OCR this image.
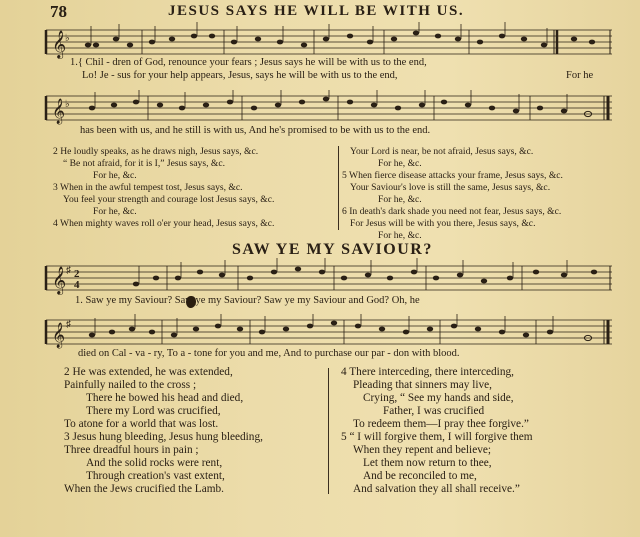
78	JESUS SAYS HE WILL BE WITH US.
𝄞
♭
1.{ Chil - dren of God, renounce your fears ; Jesus says he will be with us to the end,
Lo! Je - sus for your help appears, Jesus, says he will be with us to the end,	For he
𝄞 ♭
has been with us, and he still is with us, And he's promised to be with us to the end.
2 He loudly speaks, as he draws nigh, Jesus says, &c.
“ Be not afraid, for it is I,” Jesus says, &c.
For he, &c.
3 When in the awful tempest tost, Jesus says, &c.
You feel your strength and courage lost Jesus says, &c.
For he, &c.
4 When mighty waves roll o'er your head, Jesus says, &c.
Your Lord is near, be not afraid, Jesus says, &c.
For he, &c.
5 When fierce disease attacks your frame, Jesus says, &c.
Your Saviour's love is still the same, Jesus says, &c.
For he, &c.
6 In death's dark shade you need not fear, Jesus says, &c.
For Jesus will be with you there, Jesus says, &c.
For he, &c.
SAW YE MY SAVIOUR?
𝄞 ♯ 2
4
1. Saw ye my Saviour? Saw ye my Saviour? Saw ye my Saviour and God? Oh, he
𝄞 ♯
died on Cal - va - ry, To a - tone for you and me, And to purchase our par - don with blood.
2 He was extended, he was extended,
Painfully nailed to the cross ;
There he bowed his head and died,
There my Lord was crucified,
To atone for a world that was lost.
3 Jesus hung bleeding, Jesus hung bleeding,
Three dreadful hours in pain ;
And the solid rocks were rent,
Through creation's vast extent,
When the Jews crucified the Lamb.
4 There interceding, there interceding,
Pleading that sinners may live,
Crying, “ See my hands and side,
Father, I was crucified
To redeem them—I pray thee forgive.”
5 “ I will forgive them, I will forgive them
When they repent and believe;
Let them now return to thee,
And be reconciled to me,
And salvation they all shall receive.”
